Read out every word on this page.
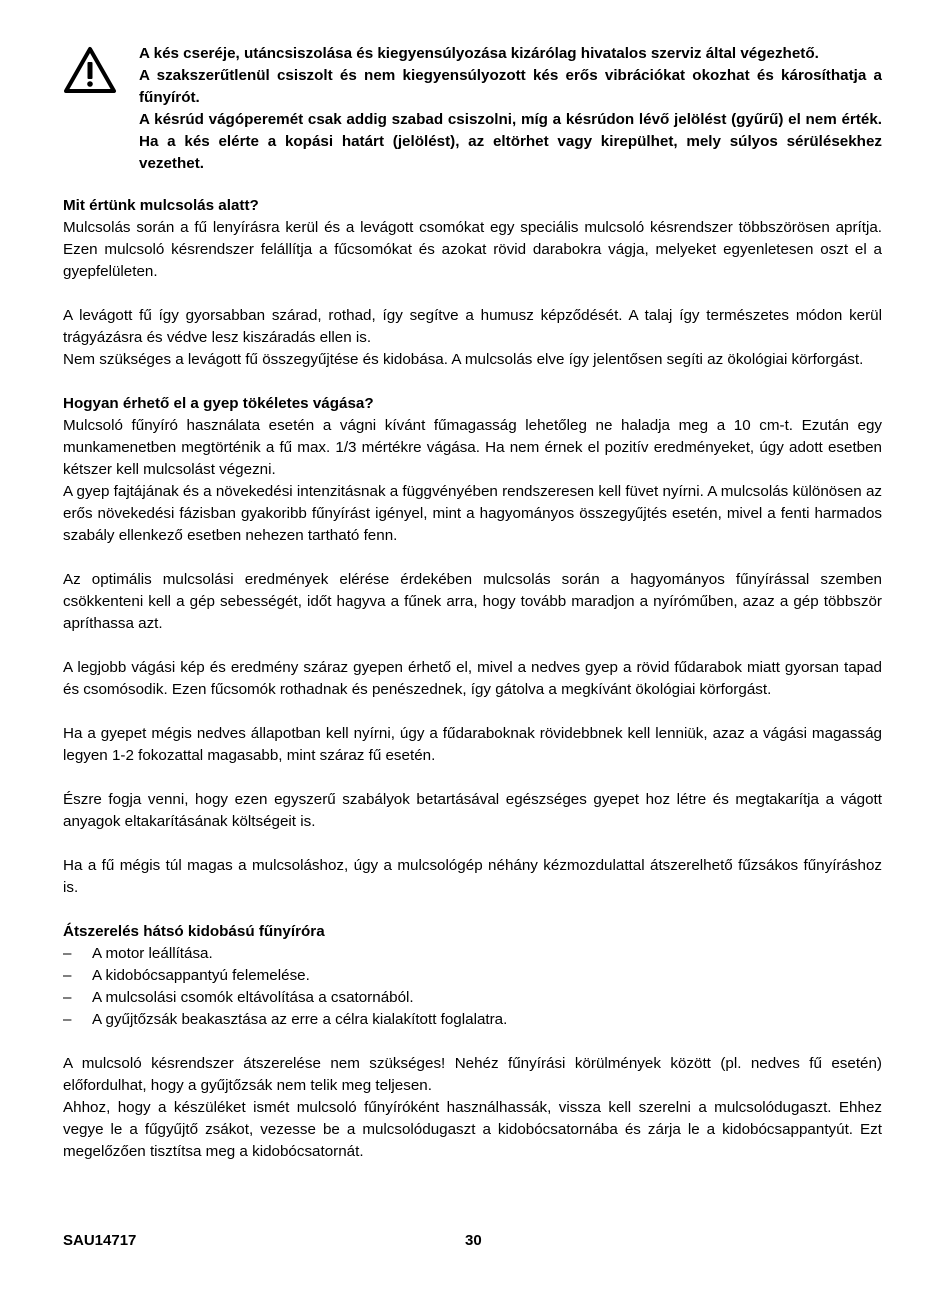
A kés cseréje, utáncsiszolása és kiegyensúlyozása kizárólag hivatalos szerviz által végezhető.

A szakszerűtlenül csiszolt és nem kiegyensúlyozott kés erős vibrációkat okozhat és károsíthatja a fűnyírót.

A késrúd vágóperemét csak addig szabad csiszolni, míg a késrúdon lévő jelölést (gyűrű) el nem érték. Ha a kés elérte a kopási határt (jelölést), az eltörhet vagy kirepülhet, mely súlyos sérülésekhez vezethet.

Mit értünk mulcsolás alatt?

Mulcsolás során a fű lenyírásra kerül és a levágott csomókat egy speciális mulcsoló késrendszer többszörösen aprítja. Ezen mulcsoló késrendszer felállítja a fűcsomókat és azokat rövid darabokra vágja, melyeket egyenletesen oszt el a gyepfelületen.

A levágott fű így gyorsabban szárad, rothad, így segítve a humusz képződését. A talaj így természetes módon kerül trágyázásra és védve lesz kiszáradás ellen is.

Nem szükséges a levágott fű összegyűjtése és kidobása. A mulcsolás elve így jelentősen segíti az ökológiai körforgást.

Hogyan érhető el a gyep tökéletes vágása?

Mulcsoló fűnyíró használata esetén a vágni kívánt fűmagasság lehetőleg ne haladja meg a 10 cm-t. Ezután egy munkamenetben megtörténik a fű max. 1/3 mértékre vágása. Ha nem érnek el pozitív eredményeket, úgy adott esetben kétszer kell mulcsolást végezni.

A gyep fajtájának és a növekedési intenzitásnak a függvényében rendszeresen kell füvet nyírni. A mulcsolás különösen az erős növekedési fázisban gyakoribb fűnyírást igényel, mint a hagyományos összegyűjtés esetén, mivel a fenti harmados szabály ellenkező esetben nehezen tartható fenn.

Az optimális mulcsolási eredmények elérése érdekében mulcsolás során a hagyományos fűnyírással szemben csökkenteni kell a gép sebességét, időt hagyva a fűnek arra, hogy tovább maradjon a nyíróműben, azaz a gép többször apríthassa azt.

A legjobb vágási kép és eredmény száraz gyepen érhető el, mivel a nedves gyep a rövid fűdarabok miatt gyorsan tapad és csomósodik. Ezen fűcsomók rothadnak és penészednek, így gátolva a megkívánt ökológiai körforgást.

Ha a gyepet mégis nedves állapotban kell nyírni, úgy a fűdaraboknak rövidebbnek kell lenniük, azaz a vágási magasság legyen 1-2 fokozattal magasabb, mint száraz fű esetén.

Észre fogja venni, hogy ezen egyszerű szabályok betartásával egészséges gyepet hoz létre és megtakarítja a vágott anyagok eltakarításának költségeit is.

Ha a fű mégis túl magas a mulcsoláshoz, úgy a mulcsológép néhány kézmozdulattal átszerelhető fűzsákos fűnyíráshoz is.

Átszerelés hátsó kidobású fűnyíróra
–	A motor leállítása.
–	A kidobócsappantyú felemelése.
–	A mulcsolási csomók eltávolítása a csatornából.
–	A gyűjtőzsák beakasztása az erre a célra kialakított foglalatra.

A mulcsoló késrendszer átszerelése nem szükséges! Nehéz fűnyírási körülmények között (pl. nedves fű esetén) előfordulhat, hogy a gyűjtőzsák nem telik meg teljesen.

Ahhoz, hogy a készüléket ismét mulcsoló fűnyíróként használhassák, vissza kell szerelni a mulcsolódugaszt. Ehhez vegye le a fűgyűjtő zsákot, vezesse be a mulcsolódugaszt a kidobócsatornába és zárja le a kidobócsappantyút. Ezt megelőzően tisztítsa meg a kidobócsatornát.

SAU14717	30
